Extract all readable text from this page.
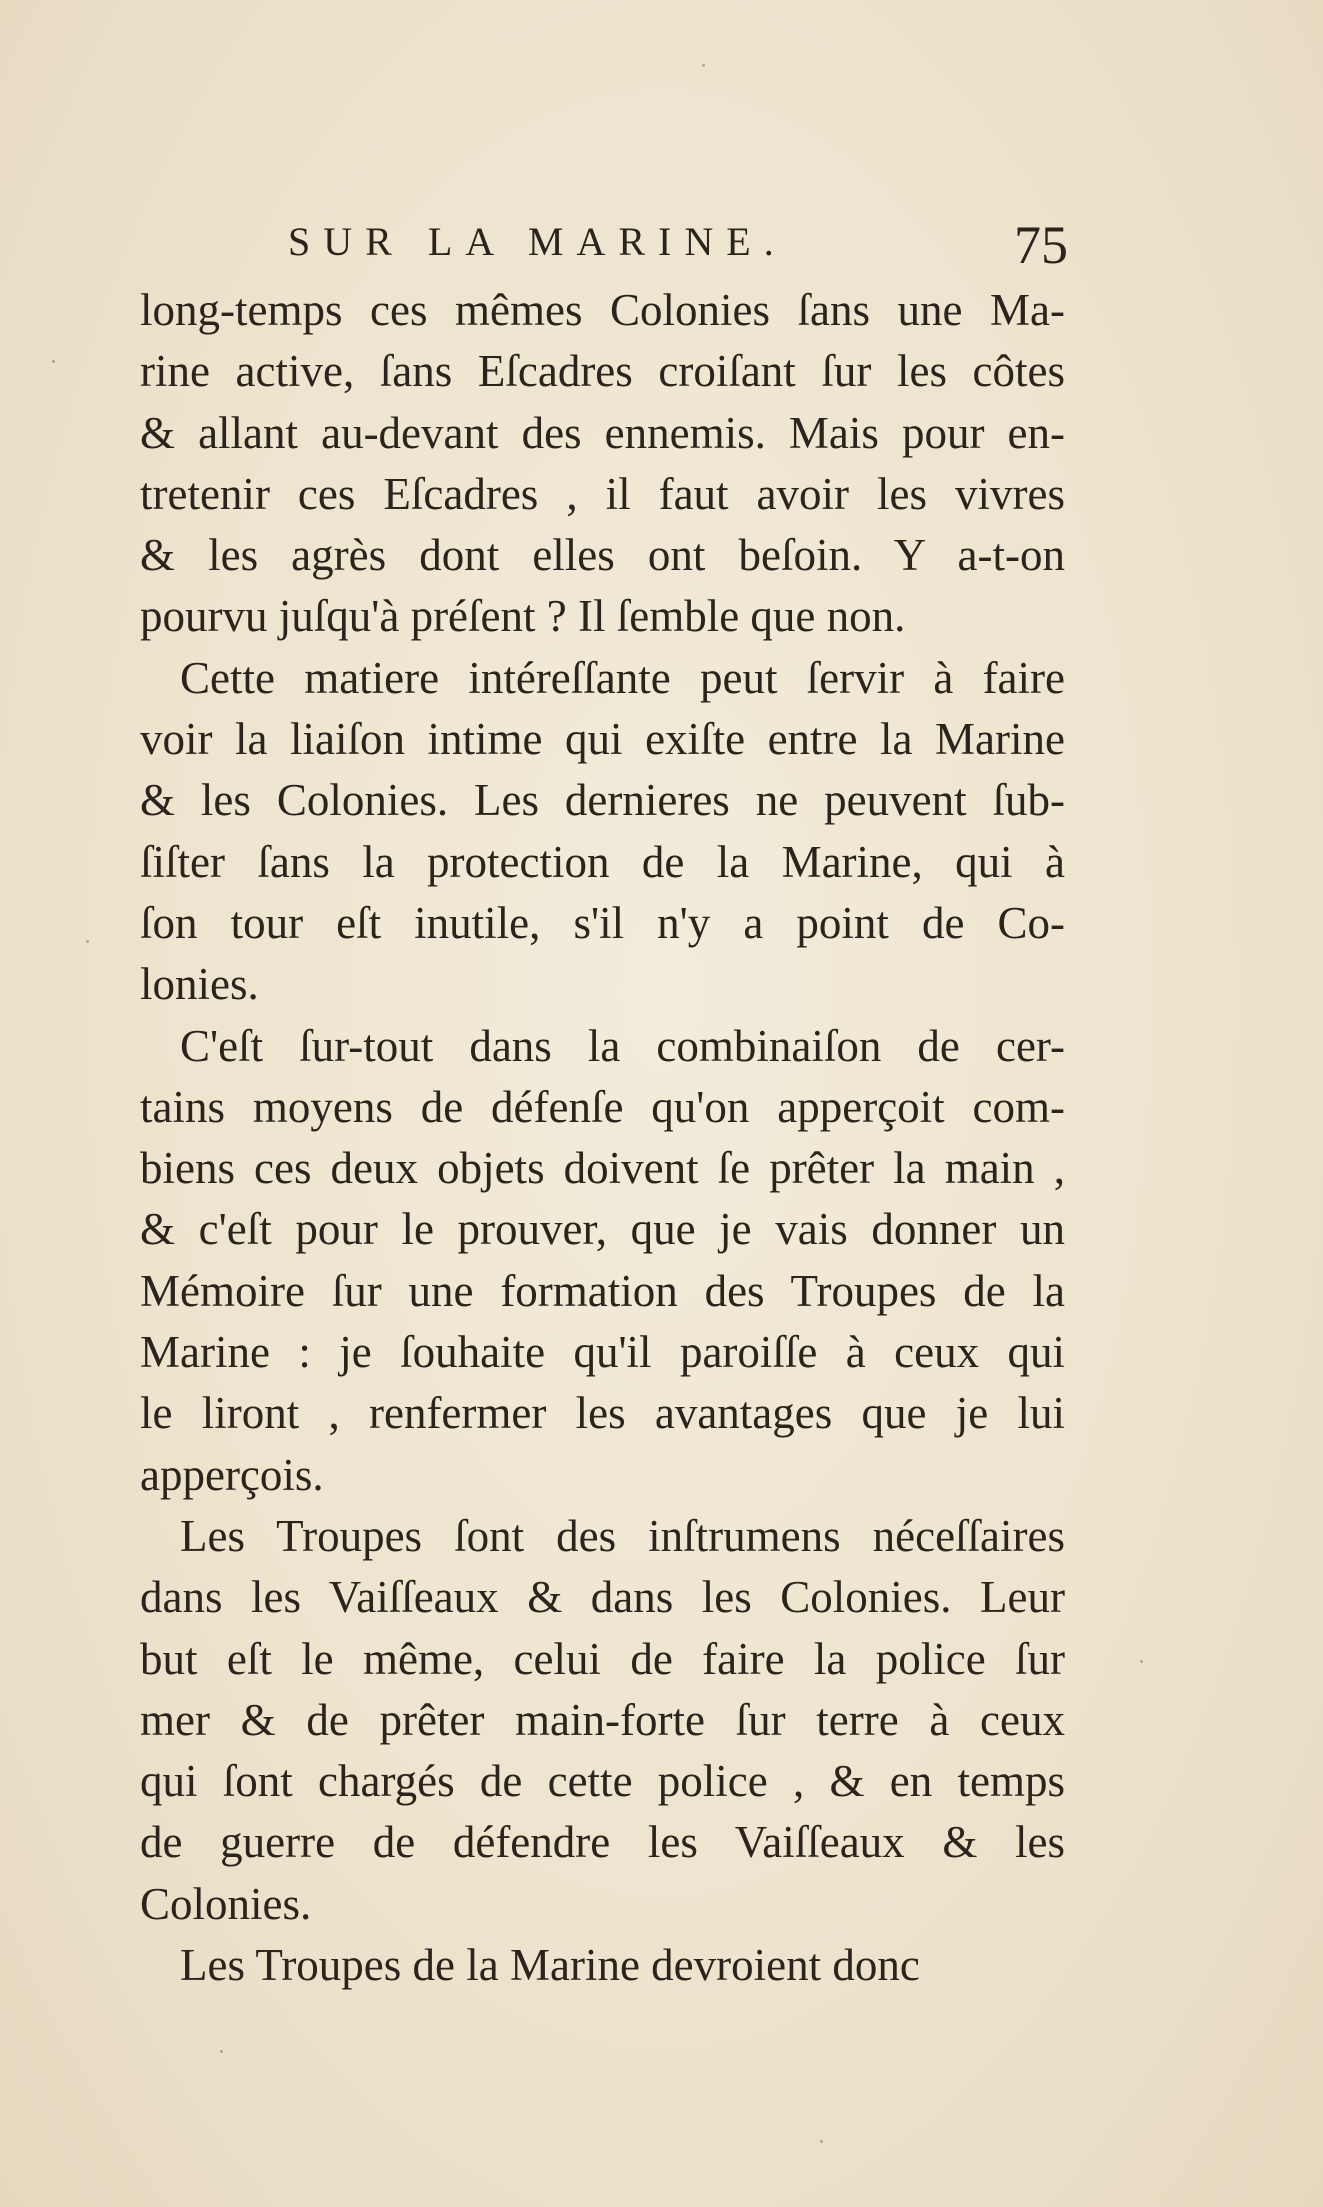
SUR LA MARINE.	75
long-temps ces mêmes Colonies ſans une Ma-
rine active, ſans Eſcadres croiſant ſur les côtes
& allant au-devant des ennemis. Mais pour en-
tretenir ces Eſcadres , il faut avoir les vivres
& les agrès dont elles ont beſoin. Y a-t-on
pourvu juſqu'à préſent ? Il ſemble que non.
Cette matiere intéreſſante peut ſervir à faire
voir la liaiſon intime qui exiſte entre la Marine
& les Colonies. Les dernieres ne peuvent ſub-
ſiſter ſans la protection de la Marine, qui à
ſon tour eſt inutile, s'il n'y a point de Co-
lonies.
C'eſt ſur-tout dans la combinaiſon de cer-
tains moyens de défenſe qu'on apperçoit com-
biens ces deux objets doivent ſe prêter la main ,
& c'eſt pour le prouver, que je vais donner un
Mémoire ſur une formation des Troupes de la
Marine : je ſouhaite qu'il paroiſſe à ceux qui
le liront , renfermer les avantages que je lui
apperçois.
Les Troupes ſont des inſtrumens néceſſaires
dans les Vaiſſeaux & dans les Colonies. Leur
but eſt le même, celui de faire la police ſur
mer & de prêter main-forte ſur terre à ceux
qui ſont chargés de cette police , & en temps
de guerre de défendre les Vaiſſeaux & les
Colonies.
Les Troupes de la Marine devroient donc
